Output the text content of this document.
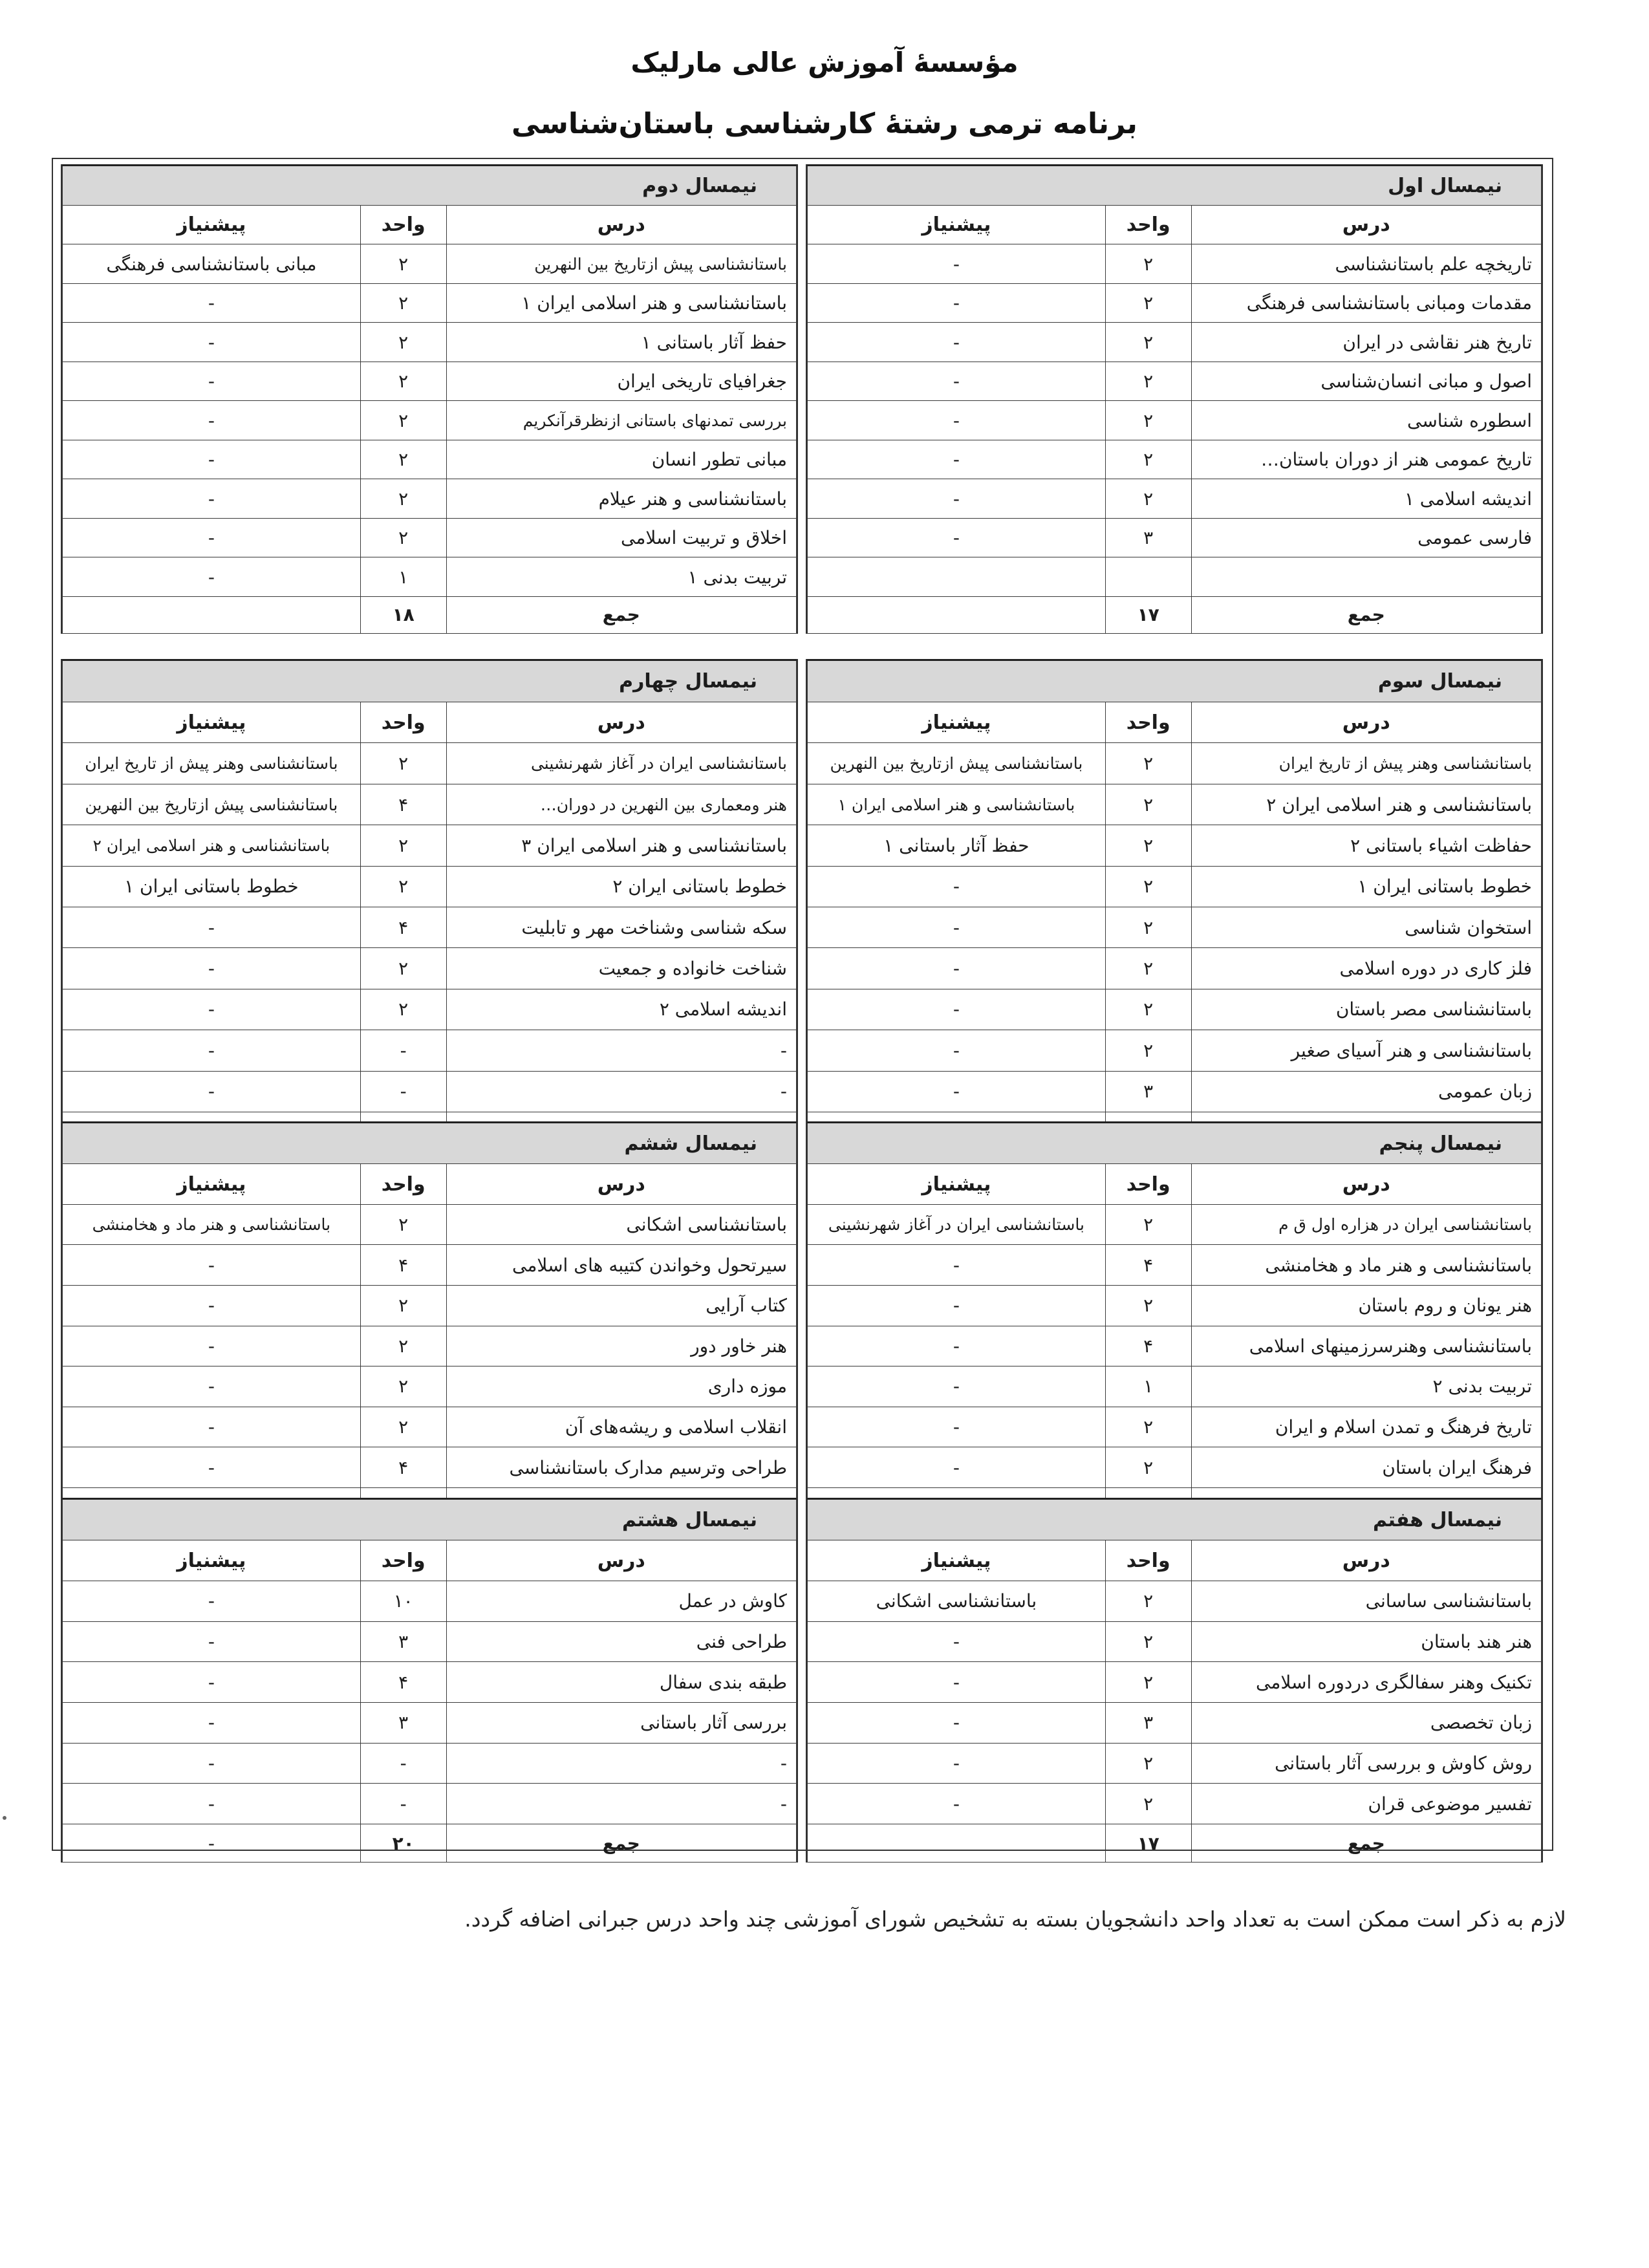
مؤسسهٔ آموزش عالی مارلیک
برنامه ترمی رشتهٔ کارشناسی باستان‌شناسی
نیمسال اول		
پیشنیاز	واحد	درس
-	۲	تاریخچه علم باستانشناسی
-	۲	مقدمات ومبانی باستانشناسی فرهنگی
-	۲	تاریخ هنر نقاشی در ایران
-	۲	اصول و مبانی انسان‌شناسی
-	۲	اسطوره شناسی
-	۲	تاریخ عمومی هنر از دوران باستان…
-	۲	اندیشه اسلامی ۱
-	۳	فارسی عمومی

	۱۷	جمع
نیمسال دوم		
پیشنیاز	واحد	درس
مبانی باستانشناسی فرهنگی	۲	باستانشناسی پیش ازتاریخ بین النهرین
-	۲	باستانشناسی و هنر اسلامی ایران ۱
-	۲	حفظ آثار باستانی ۱
-	۲	جغرافیای تاریخی ایران
-	۲	بررسی تمدنهای باستانی ازنظرقرآنکریم
-	۲	مبانی تطور انسان
-	۲	باستانشناسی و هنر عیلام
-	۲	اخلاق و تربیت اسلامی
-	۱	تربیت بدنی ۱
	۱۸	جمع
نیمسال سوم		
پیشنیاز	واحد	درس
باستانشناسی پیش ازتاریخ بین النهرین	۲	باستانشناسی وهنر پیش از تاریخ ایران
باستانشناسی و هنر اسلامی ایران ۱	۲	باستانشناسی و هنر اسلامی ایران ۲
حفظ آثار باستانی ۱	۲	حفاظت اشیاء باستانی ۲
-	۲	خطوط باستانی ایران ۱
-	۲	استخوان شناسی
-	۲	فلز کاری در دوره اسلامی
-	۲	باستانشناسی مصر باستان
-	۲	باستانشناسی و هنر آسیای صغیر
-	۳	زبان عمومی

نیمسال چهارم		
پیشنیاز	واحد	درس
باستانشناسی وهنر پیش از تاریخ ایران	۲	باستانشناسی ایران در آغاز شهرنشینی
باستانشناسی پیش ازتاریخ بین النهرین	۴	هنر ومعماری بین النهرین در دوران…
باستانشناسی و هنر اسلامی ایران ۲	۲	باستانشناسی و هنر اسلامی ایران ۳
خطوط باستانی ایران ۱	۲	خطوط باستانی ایران ۲
-	۴	سکه شناسی وشناخت مهر و تابلیت
-	۲	شناخت خانواده و جمعیت
-	۲	اندیشه اسلامی ۲
-	-	-
-	-	-

نیمسال پنجم		
پیشنیاز	واحد	درس
باستانشناسی ایران در آغاز شهرنشینی	۲	باستانشناسی ایران در هزاره اول ق م
-	۴	باستانشناسی و هنر ماد و هخامنشی
-	۲	هنر یونان و روم باستان
-	۴	باستانشناسی وهنرسرزمینهای اسلامی
-	۱	تربیت بدنی ۲
-	۲	تاریخ فرهنگ و تمدن اسلام و ایران
-	۲	فرهنگ ایران باستان

نیمسال ششم		
پیشنیاز	واحد	درس
باستانشناسی و هنر ماد و هخامنشی	۲	باستانشناسی اشکانی
-	۴	سیرتحول وخواندن کتیبه های اسلامی
-	۲	کتاب آرایی
-	۲	هنر خاور دور
-	۲	موزه داری
-	۲	انقلاب اسلامی و ریشه‌های آن
-	۴	طراحی وترسیم مدارک باستانشناسی

نیمسال هفتم		
پیشنیاز	واحد	درس
باستانشناسی اشکانی	۲	باستانشناسی ساسانی
-	۲	هنر هند باستان
-	۲	تکنیک وهنر سفالگری دردوره اسلامی
-	۳	زبان تخصصی
-	۲	روش کاوش و بررسی آثار باستانی
-	۲	تفسیر موضوعی قران
	۱۷	جمع
نیمسال هشتم		
پیشنیاز	واحد	درس
-	۱۰	کاوش در عمل
-	۳	طراحی فنی
-	۴	طبقه بندی سفال
-	۳	بررسی آثار باستانی
-	-	-
-	-	-
-	۲۰	جمع
لازم به ذکر است ممکن است به تعداد واحد دانشجویان بسته به تشخیص شورای آموزشی چند واحد درس جبرانی اضافه گردد.
